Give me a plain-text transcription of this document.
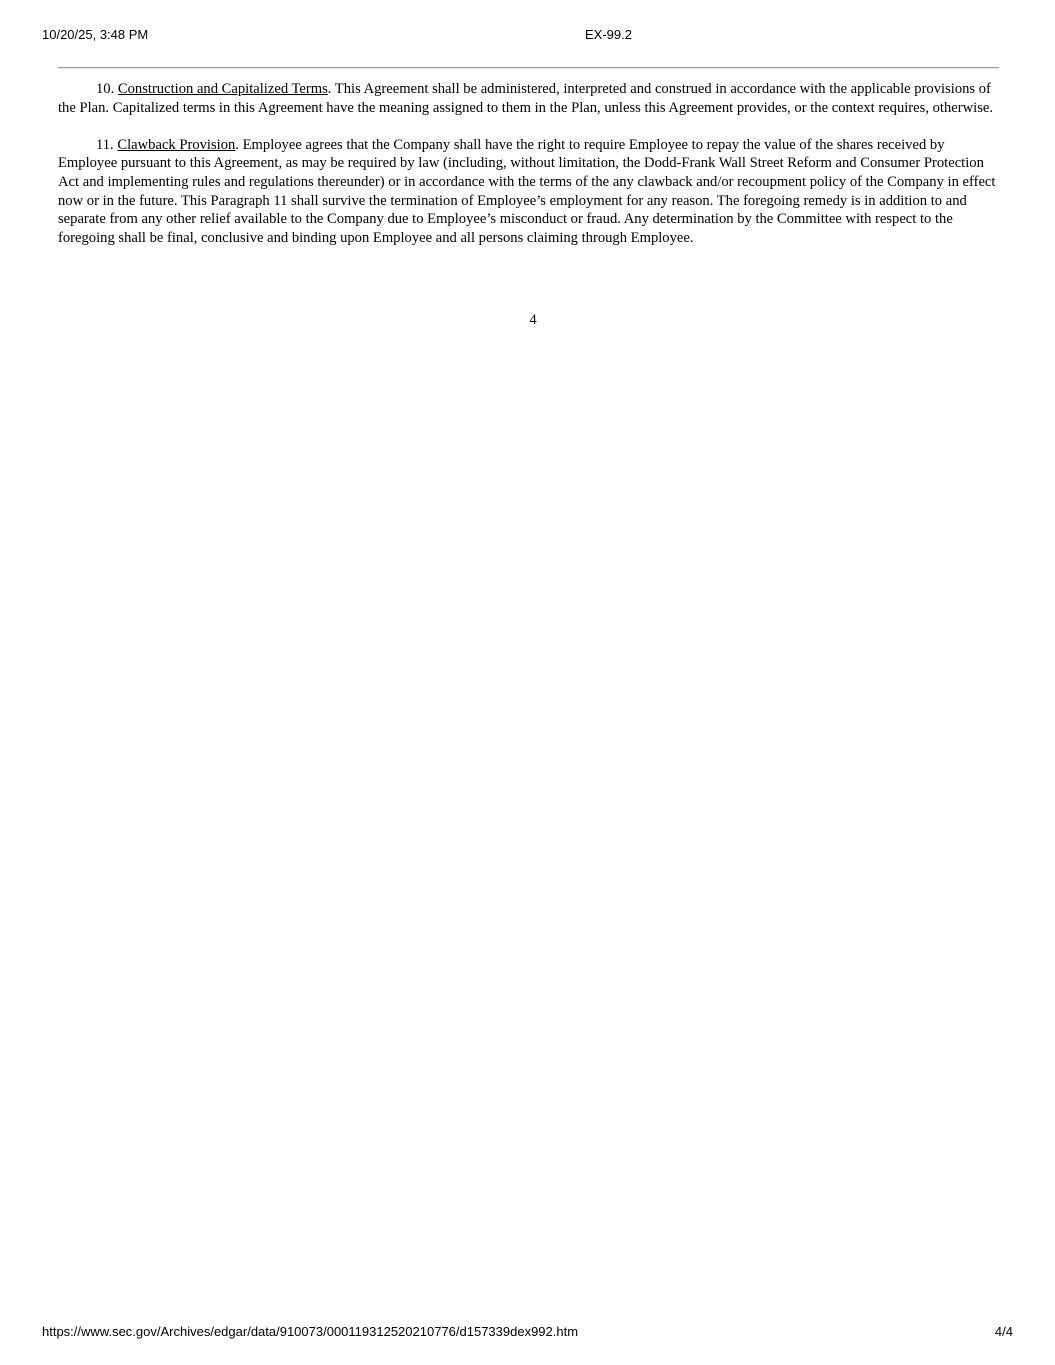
10/20/25, 3:48 PM	EX-99.2

10. Construction and Capitalized Terms. This Agreement shall be administered, interpreted and construed in accordance with the applicable provisions of the Plan. Capitalized terms in this Agreement have the meaning assigned to them in the Plan, unless this Agreement provides, or the context requires, otherwise.

11. Clawback Provision. Employee agrees that the Company shall have the right to require Employee to repay the value of the shares received by Employee pursuant to this Agreement, as may be required by law (including, without limitation, the Dodd-Frank Wall Street Reform and Consumer Protection Act and implementing rules and regulations thereunder) or in accordance with the terms of the any clawback and/or recoupment policy of the Company in effect now or in the future. This Paragraph 11 shall survive the termination of Employee’s employment for any reason. The foregoing remedy is in addition to and separate from any other relief available to the Company due to Employee’s misconduct or fraud. Any determination by the Committee with respect to the foregoing shall be final, conclusive and binding upon Employee and all persons claiming through Employee.

4
https://www.sec.gov/Archives/edgar/data/910073/000119312520210776/d157339dex992.htm	4/4
